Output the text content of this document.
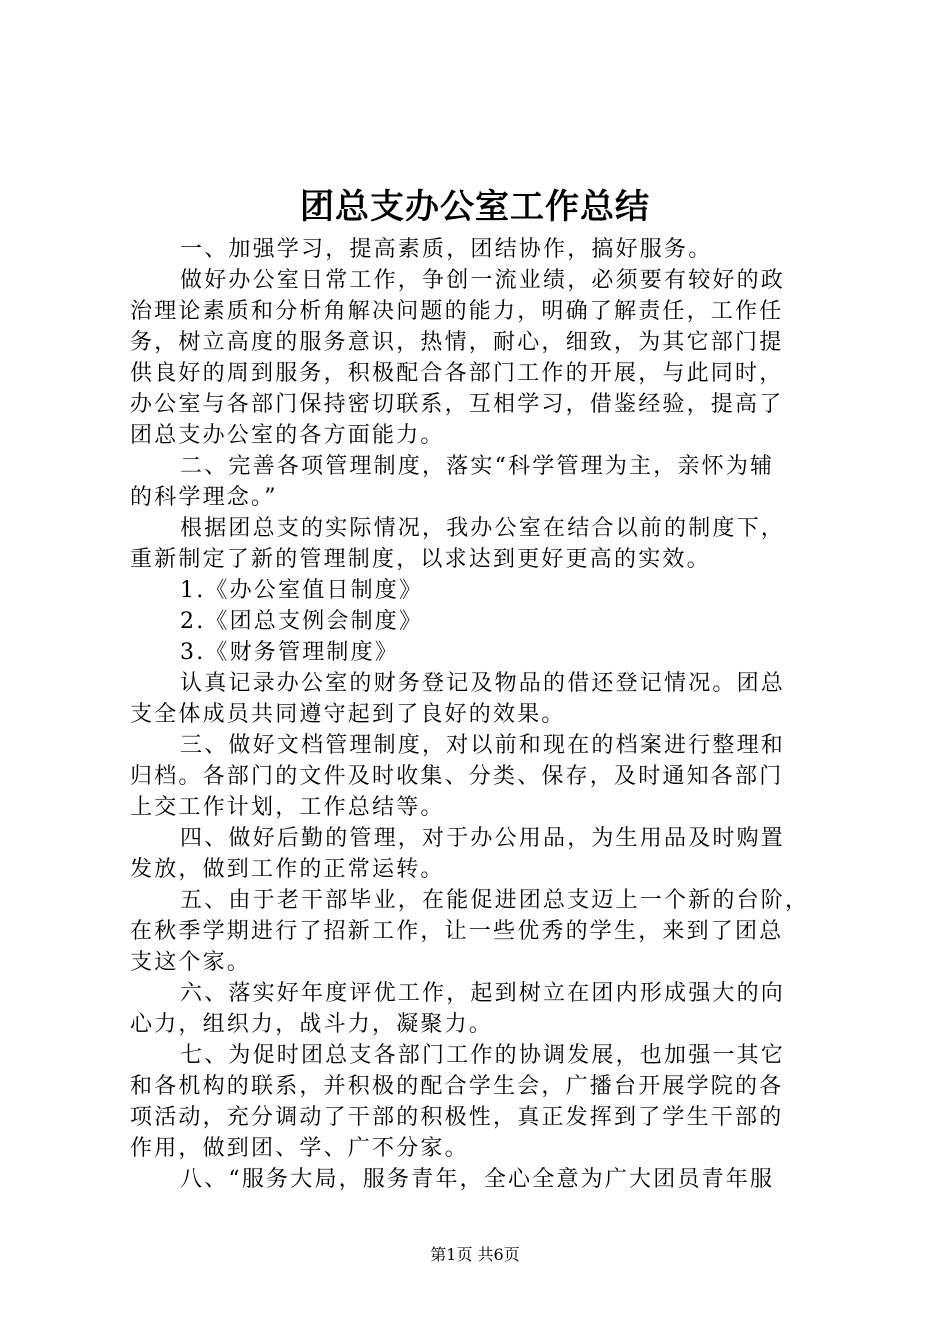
团总支办公室工作总结
一、加强学习，提高素质，团结协作，搞好服务。
做好办公室日常工作，争创一流业绩，必须要有较好的政
治理论素质和分析角解决问题的能力，明确了解责任，工作任
务，树立高度的服务意识，热情，耐心，细致，为其它部门提
供良好的周到服务，积极配合各部门工作的开展，与此同时，
办公室与各部门保持密切联系，互相学习，借鉴经验，提高了
团总支办公室的各方面能力。
二、完善各项管理制度，落实“科学管理为主，亲怀为辅
的科学理念。”
根据团总支的实际情况，我办公室在结合以前的制度下，
重新制定了新的管理制度，以求达到更好更高的实效。
1.《办公室值日制度》
2.《团总支例会制度》
3.《财务管理制度》
认真记录办公室的财务登记及物品的借还登记情况。团总
支全体成员共同遵守起到了良好的效果。
三、做好文档管理制度，对以前和现在的档案进行整理和
归档。各部门的文件及时收集、分类、保存，及时通知各部门
上交工作计划，工作总结等。
四、做好后勤的管理，对于办公用品，为生用品及时购置
发放，做到工作的正常运转。
五、由于老干部毕业，在能促进团总支迈上一个新的台阶，
在秋季学期进行了招新工作，让一些优秀的学生，来到了团总
支这个家。
六、落实好年度评优工作，起到树立在团内形成强大的向
心力，组织力，战斗力，凝聚力。
七、为促时团总支各部门工作的协调发展，也加强一其它
和各机构的联系，并积极的配合学生会，广播台开展学院的各
项活动，充分调动了干部的积极性，真正发挥到了学生干部的
作用，做到团、学、广不分家。
八、“服务大局，服务青年，全心全意为广大团员青年服
第1页 共6页
